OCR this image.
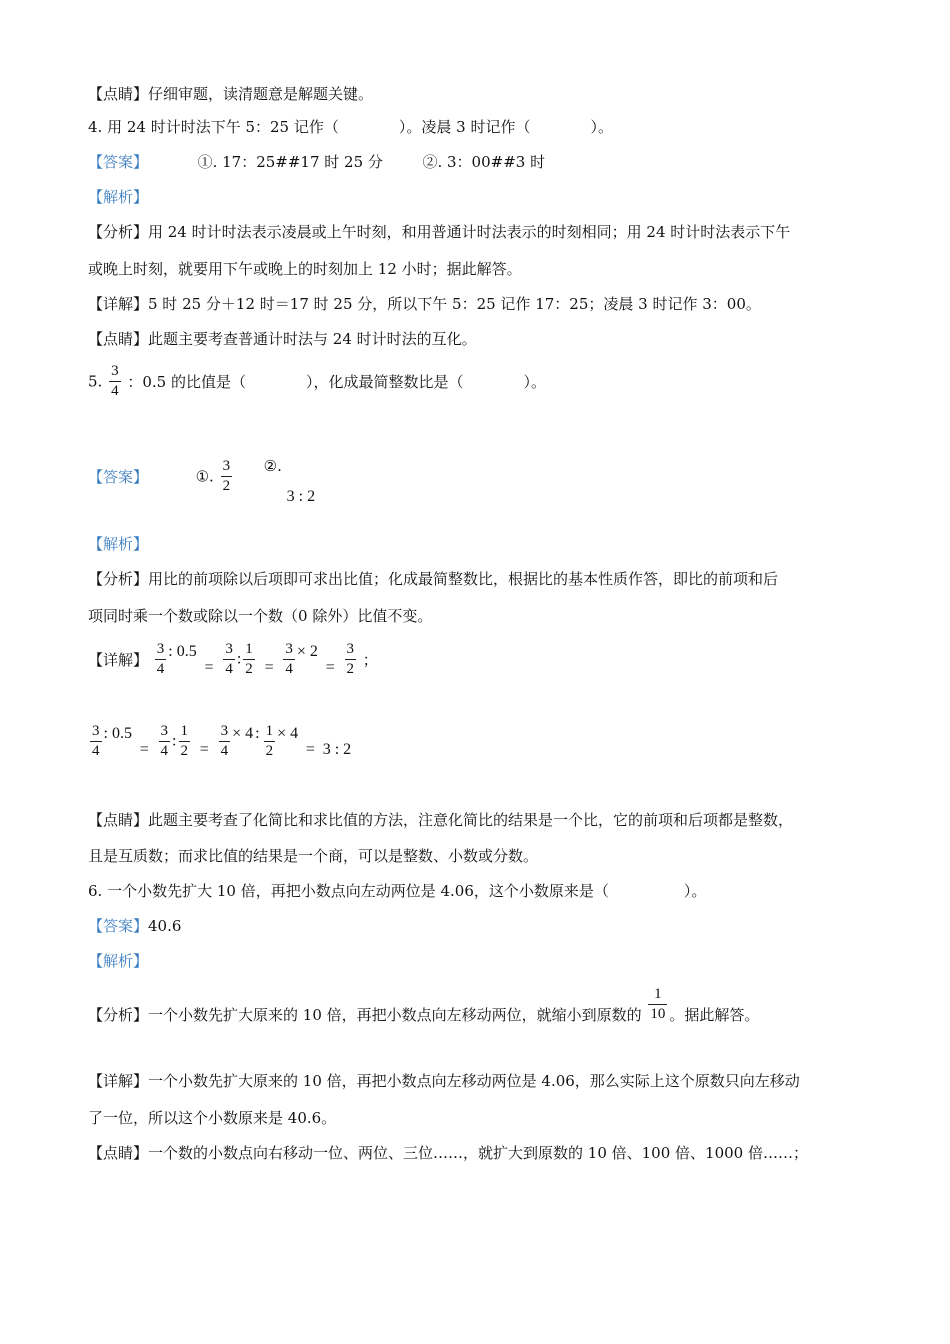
【点睛】仔细审题，读清题意是解题关键。
4. 用 24 时计时法下午 5：25 记作（　　　　）。凌晨 3 时记作（　　　　）。
【答案】	①. 17：25##17 时 25 分	②. 3：00##3 时
【解析】
【分析】用 24 时计时法表示凌晨或上午时刻，和用普通计时法表示的时刻相同；用 24 时计时法表示下午
或晚上时刻，就要用下午或晚上的时刻加上 12 小时；据此解答。
【详解】5 时 25 分＋12 时＝17 时 25 分，所以下午 5：25 记作 17：25；凌晨 3 时记作 3：00。
【点睛】此题主要考查普通计时法与 24 时计时法的互化。
5. $\frac{3}{4}$ ：0.5 的比值是（　　　　），化成最简整数比是（　　　　）。
【答案】	①. $\frac{3}{2}$ ②. 3 : 2
【解析】
【分析】用比的前项除以后项即可求出比值；化成最简整数比，根据比的基本性质作答，即比的前项和后
项同时乘一个数或除以一个数（0 除外）比值不变。
【详解】 $\frac{3}{4}$ : $0.5 = \frac{3}{4}$ : $\frac{1}{2} = \frac{3}{4} \times 2 = \frac{3}{2}$ ；
$\frac{3}{4}$ : $0.5 = \frac{3}{4}$ : $\frac{1}{2} = \frac{3}{4} \times 4$ : $\frac{1}{2} \times 4 = 3$ : 2
【点睛】此题主要考查了化简比和求比值的方法，注意化简比的结果是一个比，它的前项和后项都是整数，
且是互质数；而求比值的结果是一个商，可以是整数、小数或分数。
6. 一个小数先扩大 10 倍，再把小数点向左动两位是 4.06，这个小数原来是（　　　　　）。
【答案】40.6
【解析】
【分析】一个小数先扩大原来的 10 倍，再把小数点向左移动两位，就缩小到原数的 $\frac{1}{10}$ 。据此解答。
【详解】一个小数先扩大原来的 10 倍，再把小数点向左移动两位是 4.06，那么实际上这个原数只向左移动
了一位，所以这个小数原来是 40.6。
【点睛】一个数的小数点向右移动一位、两位、三位……，就扩大到原数的 10 倍、100 倍、1000 倍……；
